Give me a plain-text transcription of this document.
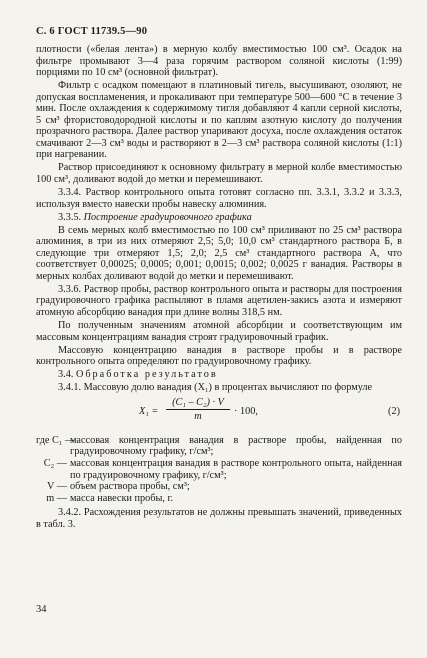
С. 6 ГОСТ 11739.5—90

плотности («белая лента») в мерную колбу вместимостью 100 см³. Осадок на фильтре промывают 3—4 раза горячим раствором соляной кислоты (1:99) порциями по 10 см³ (основной фильтрат).

Фильтр с осадком помещают в платиновый тигель, высушивают, озоляют, не допуская воспламенения, и прокаливают при температуре 500—600 °С в течение 3 мин. После охлаждения к содержимому тигля добавляют 4 капли серной кислоты, 5 см³ фтористоводородной кислоты и по каплям азотную кислоту до получения прозрачного раствора. Далее раствор упаривают досуха, после охлаждения остаток смачивают 2—3 см³ воды и растворяют в 2—3 см³ раствора соляной кислоты (1:1) при нагревании.

Раствор присоединяют к основному фильтрату в мерной колбе вместимостью 100 см³, доливают водой до метки и перемешивают.

3.3.4. Раствор контрольного опыта готовят согласно пп. 3.3.1, 3.3.2 и 3.3.3, используя вместо навески пробы навеску алюминия.

3.3.5. Построение градуировочного графика

В семь мерных колб вместимостью по 100 см³ приливают по 25 см³ раствора алюминия, в три из них отмеряют 2,5; 5,0; 10,0 см³ стандартного раствора Б, в следующие три отмеряют 1,5; 2,0; 2,5 см³ стандартного раствора А, что соответствует 0,00025; 0,0005; 0,001; 0,0015; 0,002; 0,0025 г ванадия. Растворы в мерных колбах доливают водой до метки и перемешивают.

3.3.6. Раствор пробы, раствор контрольного опыта и растворы для построения градуировочного графика распыляют в пламя ацетилен-закись азота и измеряют атомную абсорбцию ванадия при длине волны 318,5 нм.

По полученным значениям атомной абсорбции и соответствующим им массовым концентрациям ванадия строят градуировочный график.

Массовую концентрацию ванадия в растворе пробы и в растворе контрольного опыта определяют по градуировочному графику.

3.4. Обработка результатов

3.4.1. Массовую долю ванадия (X₁) в процентах вычисляют по формуле

$X_1 = \frac{\text{(C₁ – C₂) · V}}{m} \cdot 100$,	(2)
где C₁ —
массовая концентрация ванадия в растворе пробы, найденная по градуировочному графику, г/см³;
C₂ — массовая концентрация ванадия в растворе контрольного опыта, найденная по градуировочному графику, г/см³;
V — объем раствора пробы, см³;
m — масса навески пробы, г.

3.4.2. Расхождения результатов не должны превышать значений, приведенных в табл. 3.

34
